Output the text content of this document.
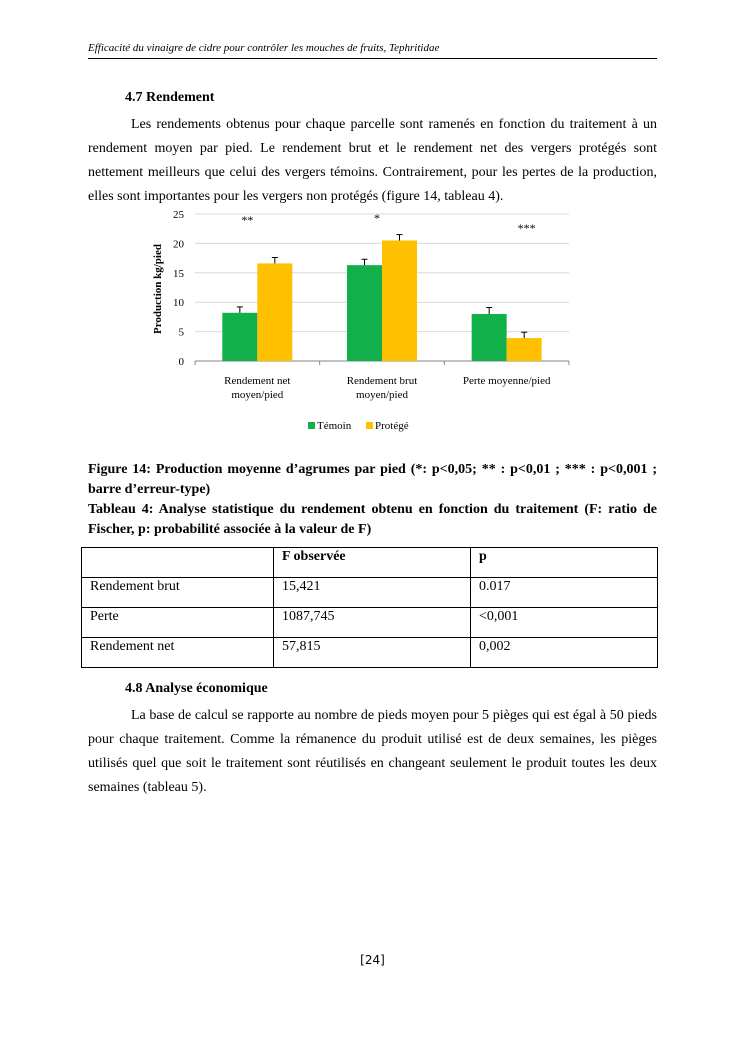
Efficacité du vinaigre de cidre pour contrôler les mouches de fruits, Tephritidae
4.7 Rendement
Les rendements obtenus pour chaque parcelle sont ramenés en fonction du traitement à un rendement moyen par pied. Le rendement brut et le rendement net des vergers protégés sont nettement meilleurs que celui des vergers témoins. Contrairement, pour les pertes de la production, elles sont importantes pour les vergers non protégés (figure 14, tableau 4).
0
5
10
15
20
25
Rendement net moyen/pied
**
Rendement brut moyen/pied
*
Perte moyenne/pied
***
Témoin Protégé
Production kg/pied
Figure 14: Production moyenne d’agrumes par pied (*: p<0,05; ** : p<0,01 ; *** : p<0,001 ; barre d’erreur-type)
Tableau 4: Analyse statistique du rendement obtenu en fonction du traitement (F: ratio de Fischer, p: probabilité associée à la valeur de F)
	F observée	p
Rendement brut	15,421	0.017
Perte	1087,745	<0,001
Rendement net	57,815	0,002
4.8 Analyse économique
La base de calcul se rapporte au nombre de pieds moyen pour 5 pièges qui est égal à 50 pieds pour chaque traitement. Comme la rémanence du produit utilisé est de deux semaines, les pièges utilisés quel que soit le traitement sont réutilisés en changeant seulement le produit toutes les deux semaines (tableau 5).
[24]
